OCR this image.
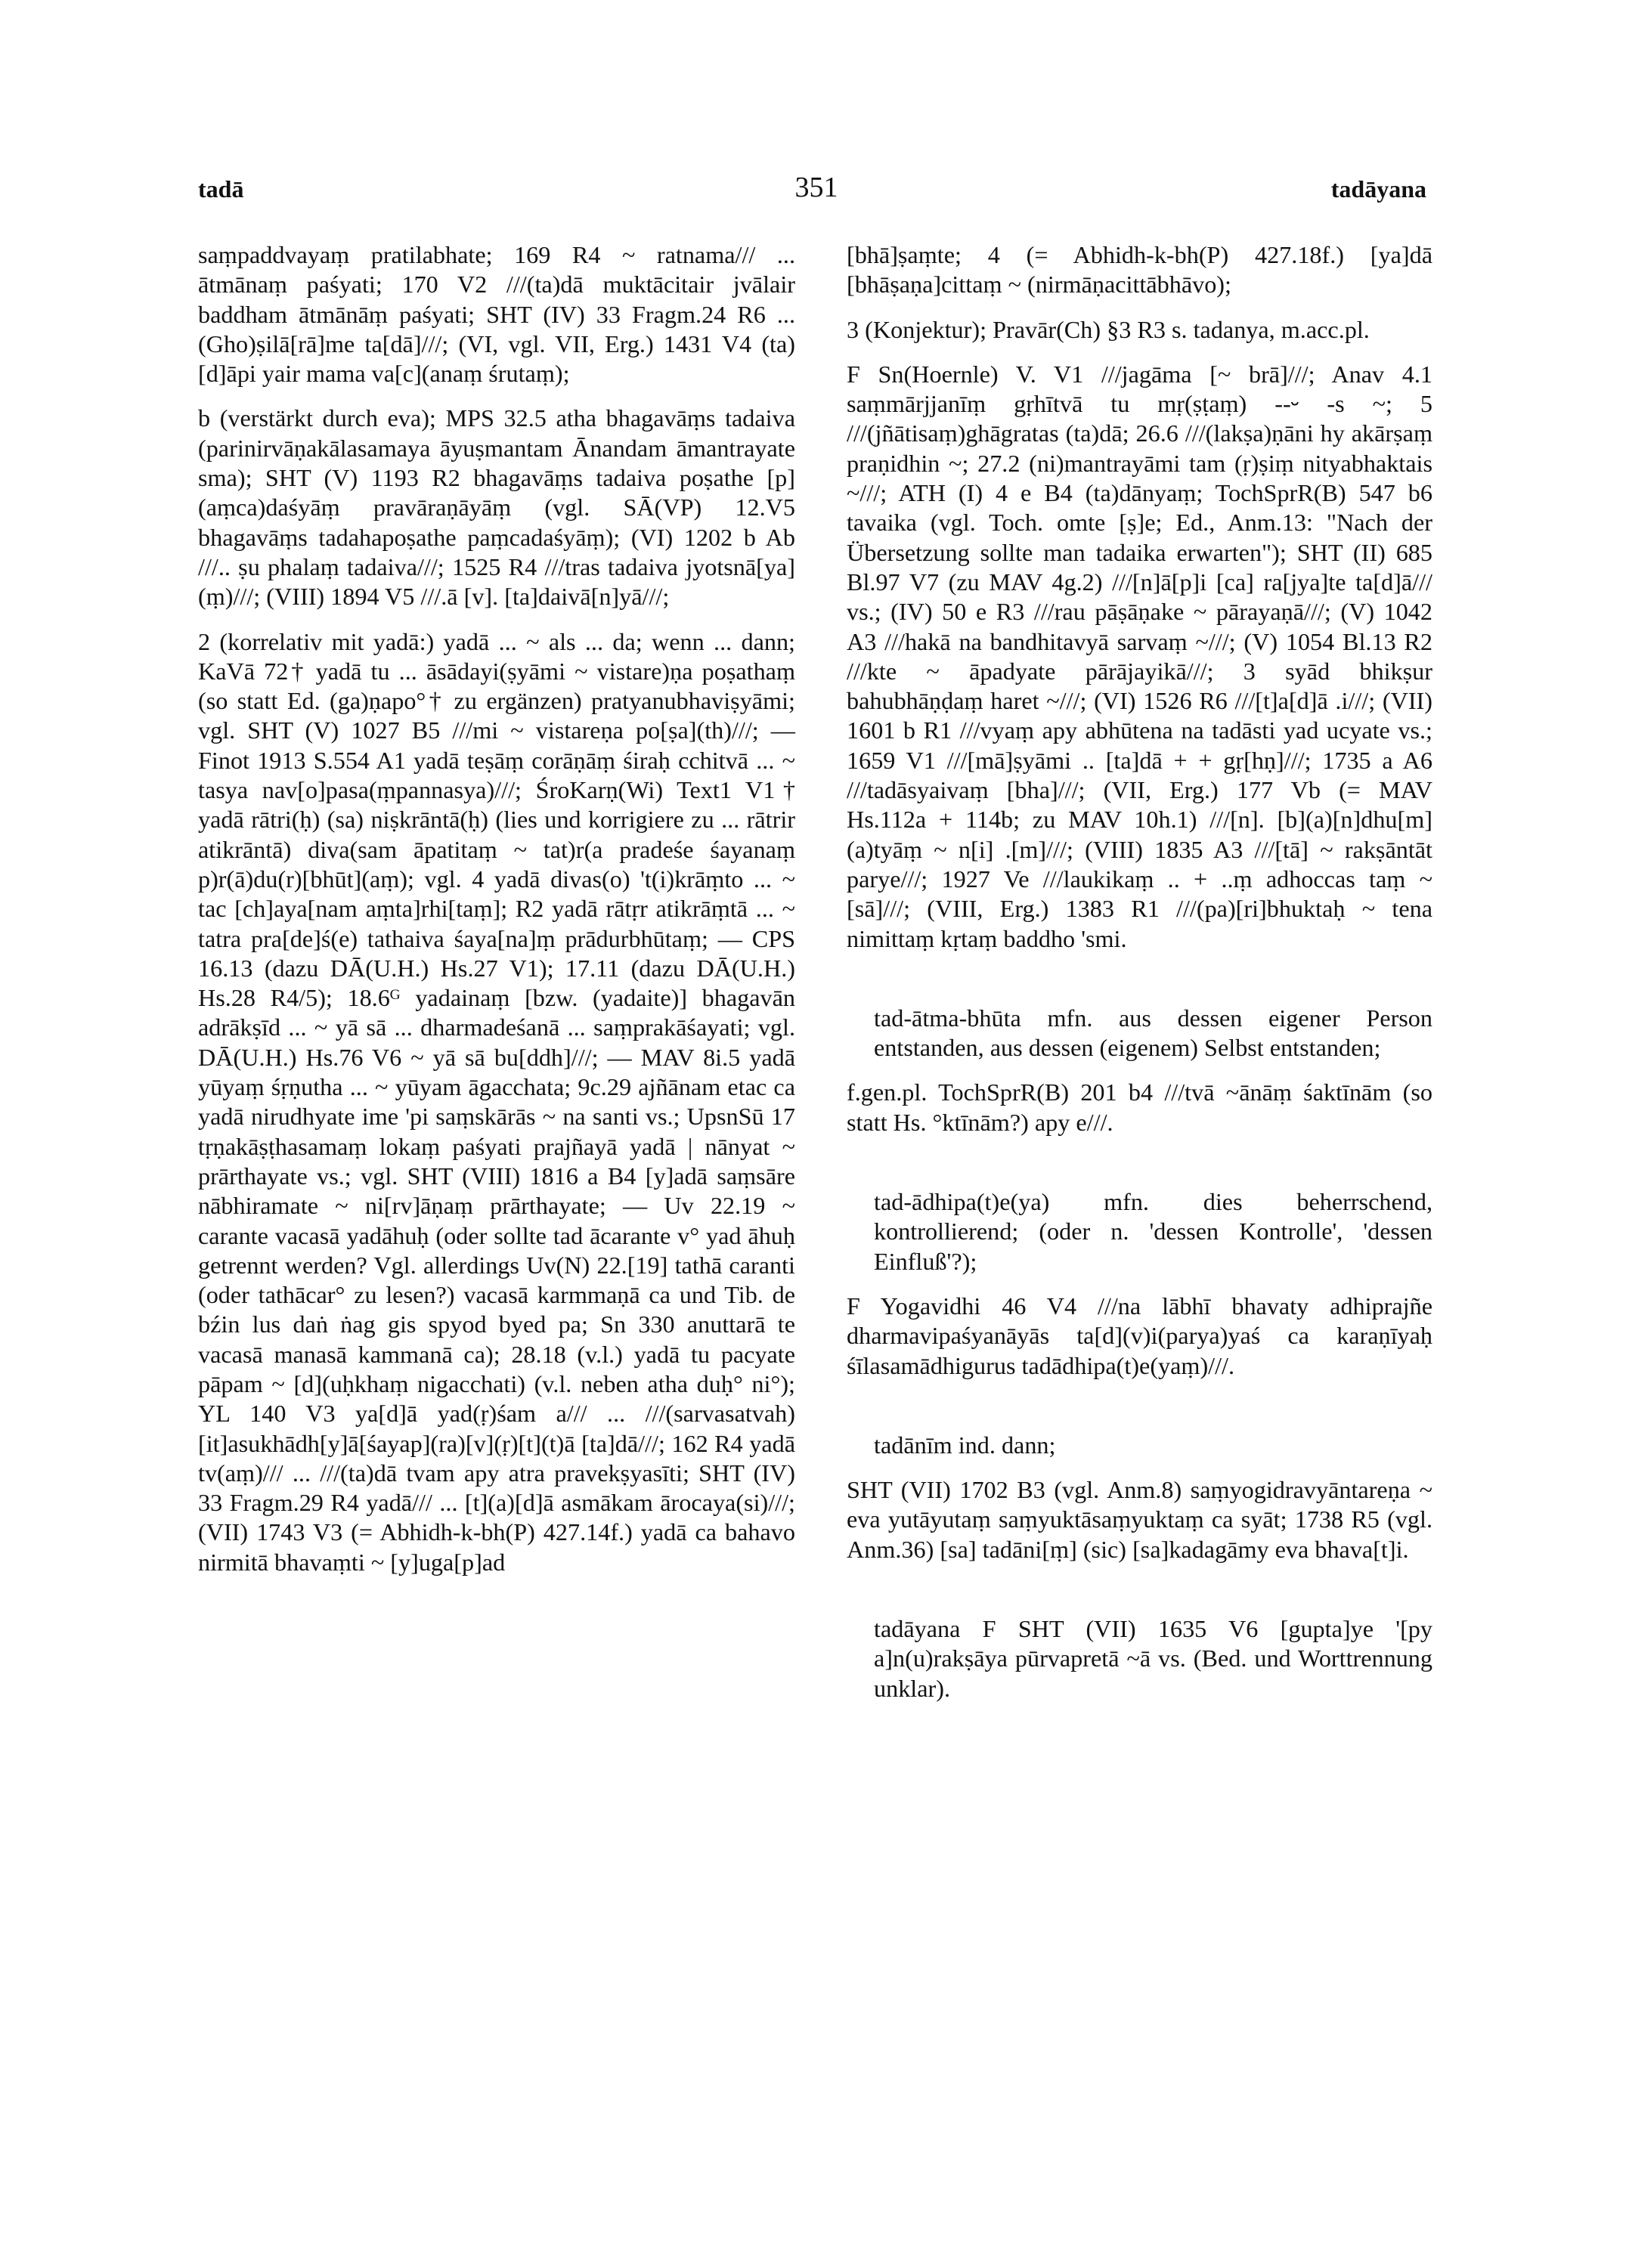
tadā	351	tadāyana

saṃpaddvayaṃ pratilabhate; 169 R4 ~ ratnama/// ... ātmānaṃ paśyati; 170 V2 ///(ta)dā muktācitair jvālair baddham ātmānāṃ paśyati; SHT (IV) 33 Fragm.24 R6 ... (Gho)ṣilā[rā]me ta[dā]///; (VI, vgl. VII, Erg.) 1431 V4 (ta)[d]āpi yair mama va[c](anaṃ śrutaṃ);

b (verstärkt durch eva); MPS 32.5 atha bhagavāṃs tadaiva (parinirvāṇakālasamaya āyuṣmantam Ānandam āmantrayate sma); SHT (V) 1193 R2 bhagavāṃs tadaiva poṣathe [p](aṃca)daśyāṃ pravāraṇāyāṃ (vgl. SĀ(VP) 12.V5 bhagavāṃs tadahapoṣathe paṃcadaśyāṃ); (VI) 1202 b Ab ///.. ṣu phalaṃ tadaiva///; 1525 R4 ///tras tadaiva jyotsnā[ya](ṃ)///; (VIII) 1894 V5 ///.ā [v]. [ta]daivā[n]yā///;

2 (korrelativ mit yadā:) yadā ... ~ als ... da; wenn ... dann; KaVā 72† yadā tu ... āsādayi(ṣyāmi ~ vistare)ṇa poṣathaṃ (so statt Ed. (ga)ṇapo°† zu ergänzen) pratyanubhaviṣyāmi; vgl. SHT (V) 1027 B5 ///mi ~ vistareṇa po[ṣa](th)///; — Finot 1913 S.554 A1 yadā teṣāṃ corāṇāṃ śiraḥ cchitvā ... ~ tasya nav[o]pasa(ṃpannasya)///; ŚroKarṇ(Wi) Text1 V1† yadā rātri(ḥ) (sa) niṣkrāntā(ḥ) (lies und korrigiere zu ... rātrir atikrāntā) diva(sam āpatitaṃ ~ tat)r(a pradeśe śayanaṃ p)r(ā)du(r)[bhūt](aṃ); vgl. 4 yadā divas(o) 't(i)krāṃto ... ~ tac [ch]aya[nam aṃta]rhi[taṃ]; R2 yadā rātṛr atikrāṃtā ... ~ tatra pra[de]ś(e) tathaiva śaya[na]ṃ prādurbhūtaṃ; — CPS 16.13 (dazu DĀ(U.H.) Hs.27 V1); 17.11 (dazu DĀ(U.H.) Hs.28 R4/5); 18.6ᴳ yadainaṃ [bzw. (yadaite)] bhagavān adrākṣīd ... ~ yā sā ... dharmadeśanā ... saṃprakāśayati; vgl. DĀ(U.H.) Hs.76 V6 ~ yā sā bu[ddh]///; — MAV 8i.5 yadā yūyaṃ śṛṇutha ... ~ yūyam āgacchata; 9c.29 ajñānam etac ca yadā nirudhyate ime 'pi saṃskārās ~ na santi vs.; UpsnSū 17 tṛṇakāṣṭhasamaṃ lokaṃ paśyati prajñayā yadā | nānyat ~ prārthayate vs.; vgl. SHT (VIII) 1816 a B4 [y]adā saṃsāre nābhiramate ~ ni[rv]āṇaṃ prārthayate; — Uv 22.19 ~ carante vacasā yadāhuḥ (oder sollte tad ācarante v° yad āhuḥ getrennt werden? Vgl. allerdings Uv(N) 22.[19] tathā caranti (oder tathācar° zu lesen?) vacasā karmmaṇā ca und Tib. de bźin lus daṅ ṅag gis spyod byed pa; Sn 330 anuttarā te vacasā manasā kammanā ca); 28.18 (v.l.) yadā tu pacyate pāpam ~ [d](uḥkhaṃ nigacchati) (v.l. neben atha duḥ° ni°); YL 140 V3 ya[d]ā yad(ṛ)śam a/// ... ///(sarvasatvah)[it]asukhādh[y]ā[śayap](ra)[v](ṛ)[t](t)ā [ta]dā///; 162 R4 yadā tv(aṃ)/// ... ///(ta)dā tvam apy atra pravekṣyasīti; SHT (IV) 33 Fragm.29 R4 yadā/// ... [t](a)[d]ā asmākam ārocaya(si)///; (VII) 1743 V3 (= Abhidh-k-bh(P) 427.14f.) yadā ca bahavo nirmitā bhavaṃti ~ [y]uga[p]ad

[bhā]ṣaṃte; 4 (= Abhidh-k-bh(P) 427.18f.) [ya]dā [bhāṣaṇa]cittaṃ ~ (nirmāṇacittābhāvo);

3 (Konjektur); Pravār(Ch) §3 R3 s. tadanya, m.acc.pl.

F Sn(Hoernle) V. V1 ///jagāma [~ brā]///; Anav 4.1 saṃmārjjanīṃ gṛhītvā tu mṛ(ṣṭaṃ) --⏑ -s ~; 5 ///(jñātisaṃ)ghāgratas (ta)dā; 26.6 ///(lakṣa)ṇāni hy akārṣaṃ praṇidhin ~; 27.2 (ni)mantrayāmi tam (ṛ)ṣiṃ nityabhaktais ~///; ATH (I) 4 e B4 (ta)dānyaṃ; TochSprR(B) 547 b6 tavaika (vgl. Toch. omte [ṣ]e; Ed., Anm.13: "Nach der Übersetzung sollte man tadaika erwarten"); SHT (II) 685 Bl.97 V7 (zu MAV 4g.2) ///[n]ā[p]i [ca] ra[jya]te ta[d]ā/// vs.; (IV) 50 e R3 ///rau pāṣāṇake ~ pārayaṇā///; (V) 1042 A3 ///hakā na bandhitavyā sarvaṃ ~///; (V) 1054 Bl.13 R2 ///kte ~ āpadyate pārājayikā///; 3 syād bhikṣur bahubhāṇḍaṃ haret ~///; (VI) 1526 R6 ///[t]a[d]ā .i///; (VII) 1601 b R1 ///vyaṃ apy abhūtena na tadāsti yad ucyate vs.; 1659 V1 ///[mā]ṣyāmi .. [ta]dā + + gṛ[hṇ]///; 1735 a A6 ///tadāsyaivaṃ [bha]///; (VII, Erg.) 177 Vb (= MAV Hs.112a + 114b; zu MAV 10h.1) ///[n]. [b](a)[n]dhu[m](a)tyāṃ ~ n[i] .[m]///; (VIII) 1835 A3 ///[tā] ~ rakṣāntāt parye///; 1927 Ve ///laukikaṃ .. + ..ṃ adhoccas taṃ ~ [sā]///; (VIII, Erg.) 1383 R1 ///(pa)[ri]bhuktaḥ ~ tena nimittaṃ kṛtaṃ baddho 'smi.

tad-ātma-bhūta mfn. aus dessen eigener Person entstanden, aus dessen (eigenem) Selbst entstanden;

f.gen.pl. TochSprR(B) 201 b4 ///tvā ~ānāṃ śaktīnām (so statt Hs. °ktīnām?) apy e///.

tad-ādhipa(t)e(ya) mfn. dies beherrschend, kontrollierend; (oder n. 'dessen Kontrolle', 'dessen Einfluß'?);

F Yogavidhi 46 V4 ///na lābhī bhavaty adhiprajñe dharmavipaśyanāyās ta[d](v)i(parya)yaś ca karaṇīyaḥ śīlasamādhigurus tadādhipa(t)e(yaṃ)///.

tadānīm ind. dann;

SHT (VII) 1702 B3 (vgl. Anm.8) saṃyogidravyāntareṇa ~ eva yutāyutaṃ saṃyuktāsaṃyuktaṃ ca syāt; 1738 R5 (vgl. Anm.36) [sa] tadāni[ṃ] (sic) [sa]kadagāmy eva bhava[t]i.

tadāyana F SHT (VII) 1635 V6 [gupta]ye '[py a]n(u)rakṣāya pūrvapretā ~ā vs. (Bed. und Worttrennung unklar).
